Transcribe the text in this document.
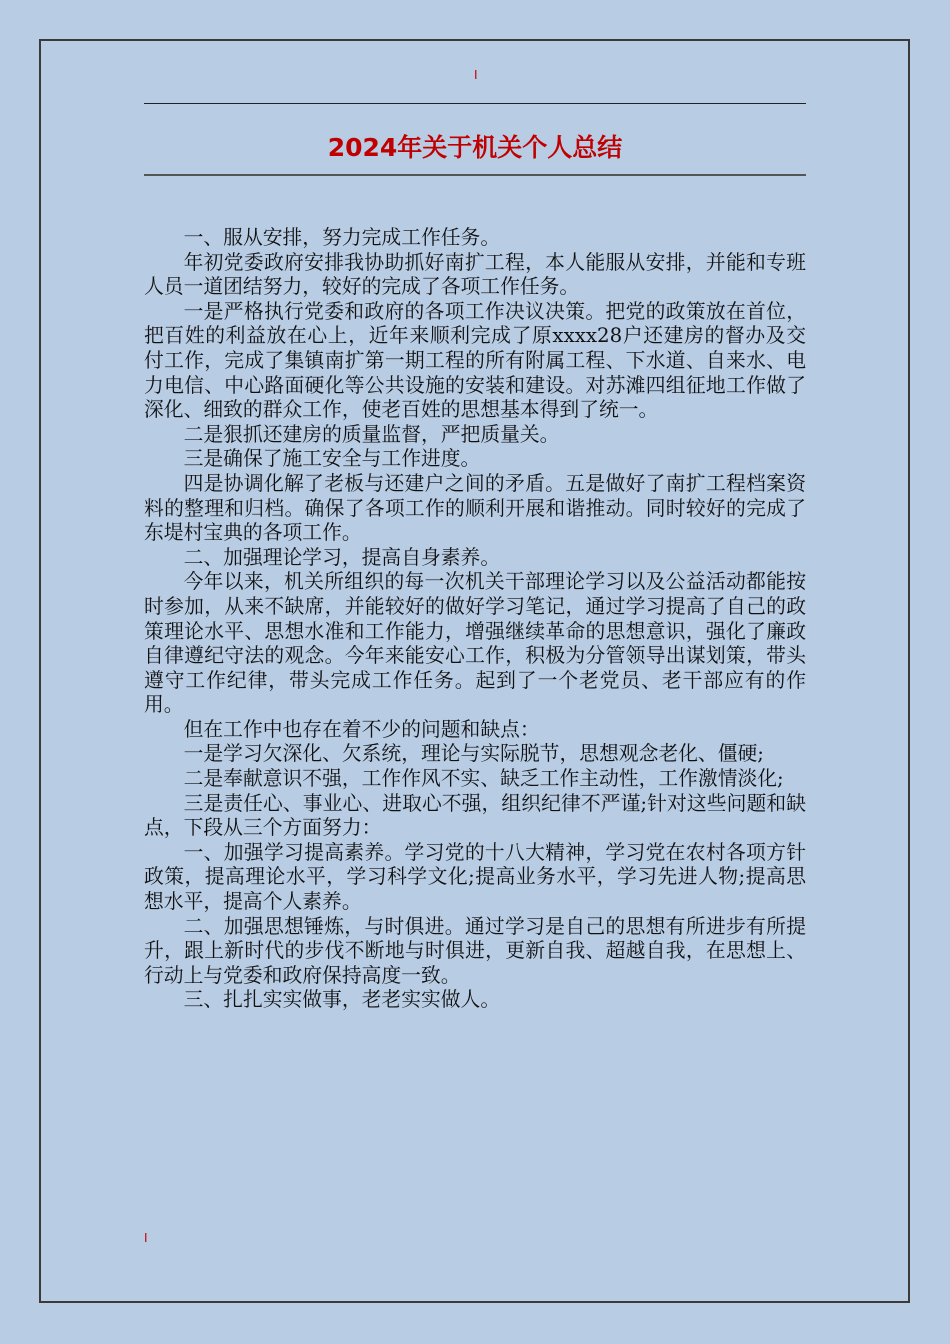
I
2024年关于机关个人总结

一、服从安排，努力完成工作任务。

年初党委政府安排我协助抓好南扩工程，本人能服从安排，并能和专班人员一道团结努力，较好的完成了各项工作任务。

一是严格执行党委和政府的各项工作决议决策。把党的政策放在首位，把百姓的利益放在心上，近年来顺利完成了原xxxx28户还建房的督办及交付工作，完成了集镇南扩第一期工程的所有附属工程、下水道、自来水、电力电信、中心路面硬化等公共设施的安装和建设。对苏滩四组征地工作做了深化、细致的群众工作，使老百姓的思想基本得到了统一。

二是狠抓还建房的质量监督，严把质量关。

三是确保了施工安全与工作进度。

四是协调化解了老板与还建户之间的矛盾。五是做好了南扩工程档案资料的整理和归档。确保了各项工作的顺利开展和谐推动。同时较好的完成了东堤村宝典的各项工作。

二、加强理论学习，提高自身素养。

今年以来，机关所组织的每一次机关干部理论学习以及公益活动都能按时参加，从来不缺席，并能较好的做好学习笔记，通过学习提高了自己的政策理论水平、思想水准和工作能力，增强继续革命的思想意识，强化了廉政自律遵纪守法的观念。今年来能安心工作，积极为分管领导出谋划策，带头遵守工作纪律，带头完成工作任务。起到了一个老党员、老干部应有的作用。

但在工作中也存在着不少的问题和缺点：

一是学习欠深化、欠系统，理论与实际脱节，思想观念老化、僵硬;

二是奉献意识不强，工作作风不实、缺乏工作主动性，工作激情淡化;

三是责任心、事业心、进取心不强，组织纪律不严谨;针对这些问题和缺点，下段从三个方面努力：

一、加强学习提高素养。学习党的十八大精神，学习党在农村各项方针政策，提高理论水平，学习科学文化;提高业务水平，学习先进人物;提高思想水平，提高个人素养。

二、加强思想锤炼，与时俱进。通过学习是自己的思想有所进步有所提升，跟上新时代的步伐不断地与时俱进，更新自我、超越自我，在思想上、行动上与党委和政府保持高度一致。

三、扎扎实实做事，老老实实做人。

I
